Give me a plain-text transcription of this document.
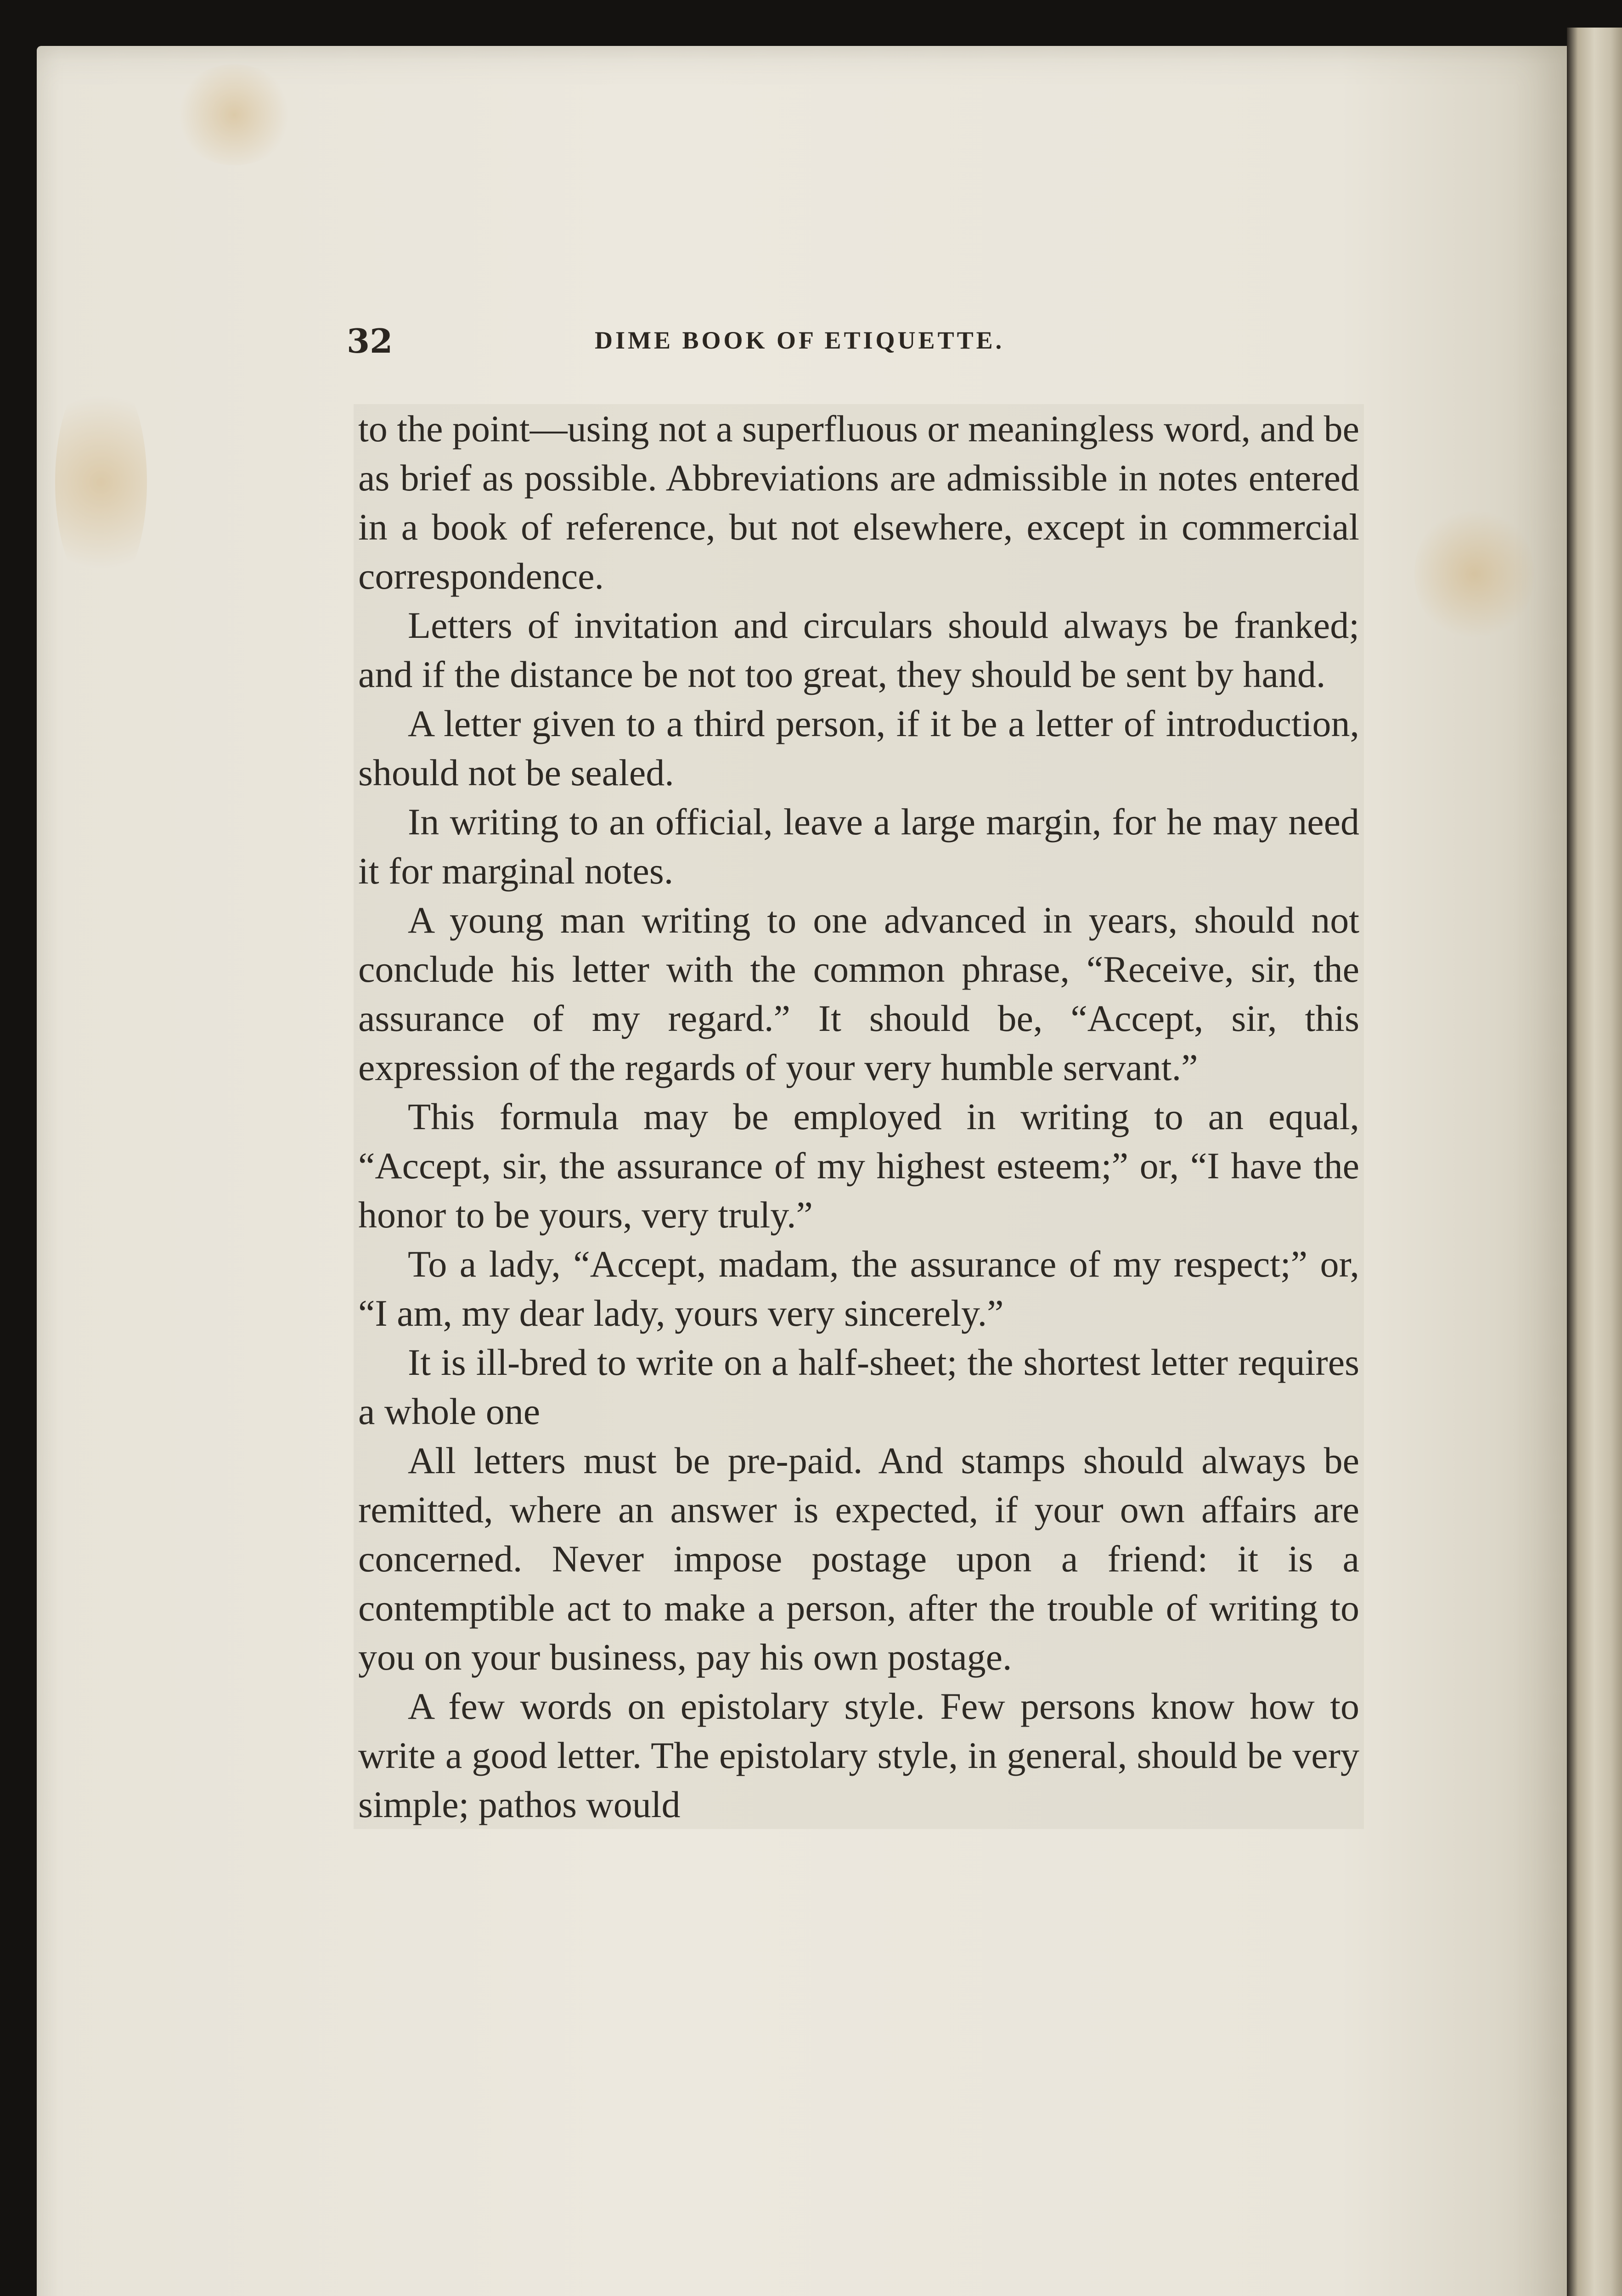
32	DIME BOOK OF ETIQUETTE.

to the point—using not a superfluous or meaningless word, and be as brief as possible. Abbreviations are admissible in notes entered in a book of reference, but not elsewhere, except in commercial correspondence.

Letters of invitation and circulars should always be franked; and if the distance be not too great, they should be sent by hand.

A letter given to a third person, if it be a letter of introduction, should not be sealed.

In writing to an official, leave a large margin, for he may need it for marginal notes.

A young man writing to one advanced in years, should not conclude his letter with the common phrase, “Receive, sir, the assurance of my regard.” It should be, “Accept, sir, this expression of the regards of your very humble servant.”

This formula may be employed in writing to an equal, “Accept, sir, the assurance of my highest esteem;” or, “I have the honor to be yours, very truly.”

To a lady, “Accept, madam, the assurance of my respect;” or, “I am, my dear lady, yours very sincerely.”

It is ill-bred to write on a half-sheet; the shortest letter requires a whole one

All letters must be pre-paid. And stamps should always be remitted, where an answer is expected, if your own affairs are concerned. Never impose postage upon a friend: it is a contemptible act to make a person, after the trouble of writing to you on your business, pay his own postage.

A few words on epistolary style. Few persons know how to write a good letter. The epistolary style, in general, should be very simple; pathos would
